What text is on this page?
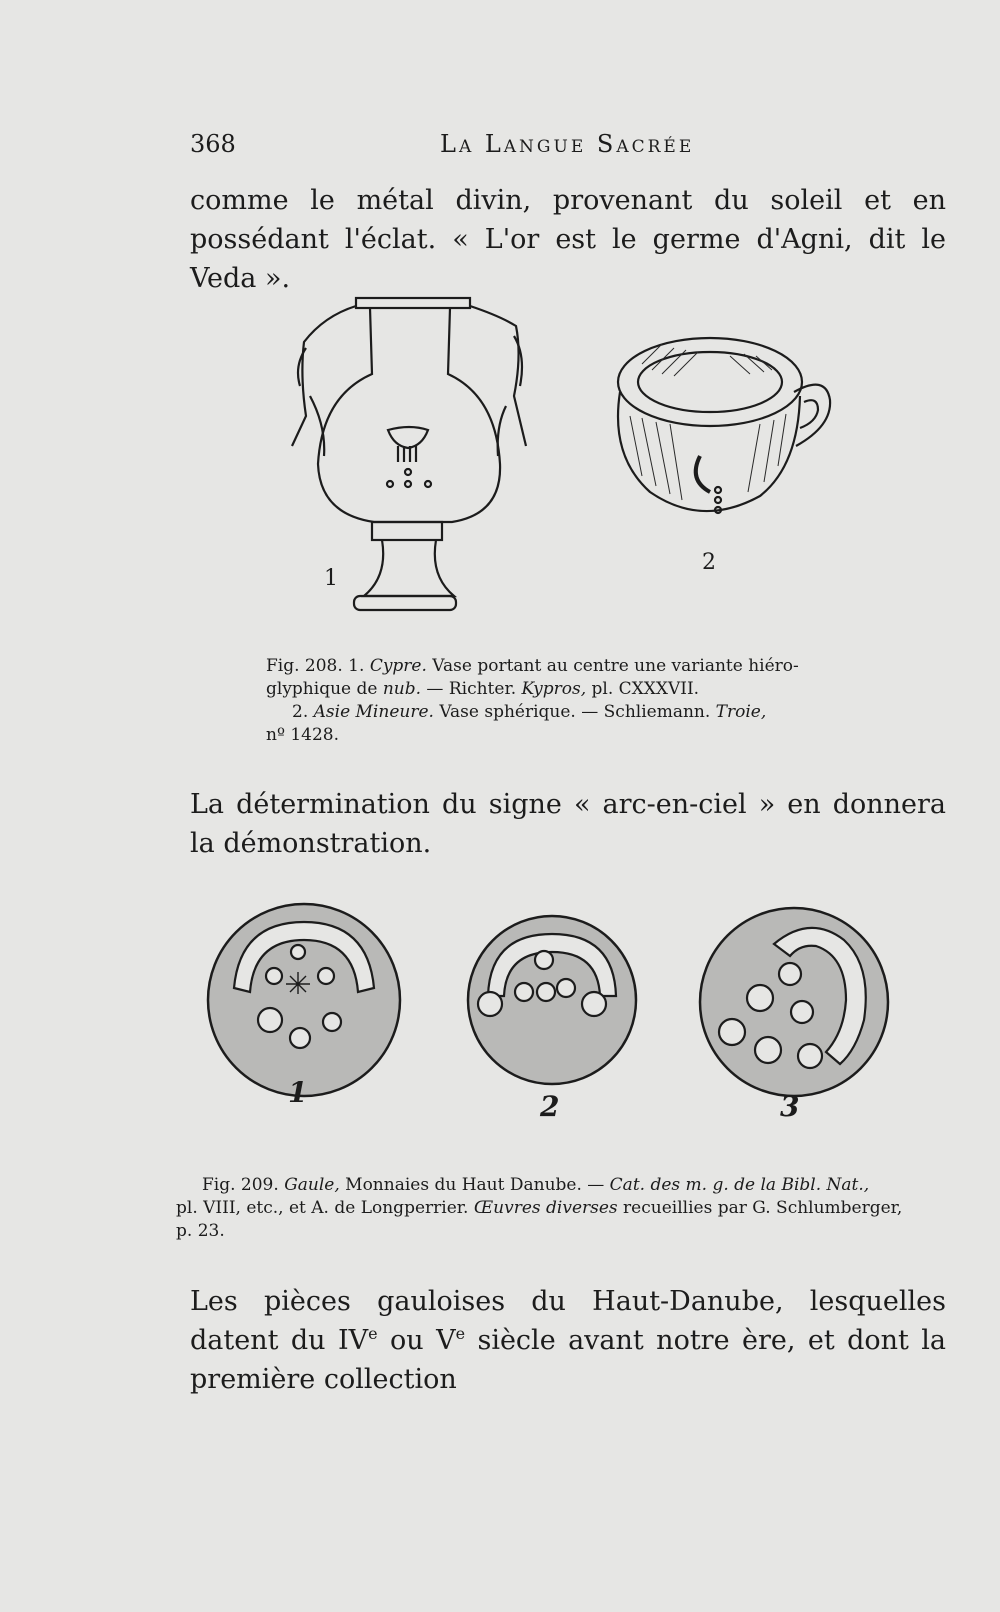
368	La Langue Sacrée
comme le métal divin, provenant du soleil et en possédant l'éclat. « L'or est le germe d'Agni, dit le Veda ».
1
2
Fig. 208. 1. Cypre. Vase portant au centre une variante hiéro-
glyphique de nub. — Richter. Kypros, pl. CXXXVII.
2. Asie Mineure. Vase sphérique. — Schliemann. Troie,
nº 1428.
La détermination du signe « arc-en-ciel » en donnera la démonstration.
1	2	3
Fig. 209. Gaule, Monnaies du Haut Danube. — Cat. des m. g. de la Bibl. Nat.,
pl. VIII, etc., et A. de Longperrier. Œuvres diverses recueillies par G. Schlumberger,
p. 23.
Les pièces gauloises du Haut-Danube, lesquelles datent du IVe ou Ve siècle avant notre ère, et dont la première collection
